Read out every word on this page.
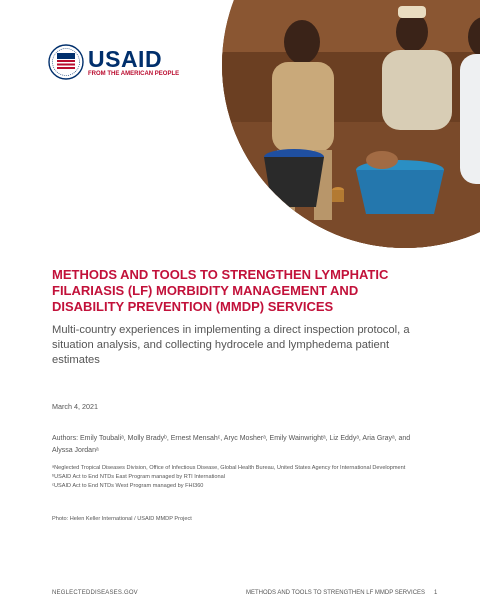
USAID
FROM THE AMERICAN PEOPLE
METHODS AND TOOLS TO STRENGTHEN LYMPHATIC FILARIASIS (LF) MORBIDITY MANAGEMENT AND DISABILITY PREVENTION (MMDP) SERVICES

Multi-country experiences in implementing a direct inspection protocol, a situation analysis, and collecting hydrocele and lymphedema patient estimates

March 4, 2021
Authors: Emily Toubaliᵃ, Molly Bradyᵇ, Ernest Mensahᶜ, Aryc Mosherᵃ, Emily Wainwrightᵃ, Liz Eddyᵃ, Aria Grayᵃ, and Alyssa Jordanᵃ
ᵃNeglected Tropical Diseases Division, Office of Infectious Disease, Global Health Bureau, United States Agency for International Development
ᵇUSAID Act to End NTDs East Program managed by RTI International
ᶜUSAID Act to End NTDs West Program managed by FHI360
Photo: Helen Keller International / USAID MMDP Project
NEGLECTEDDISEASES.GOV	METHODS AND TOOLS TO STRENGTHEN LF MMDP SERVICES 1
